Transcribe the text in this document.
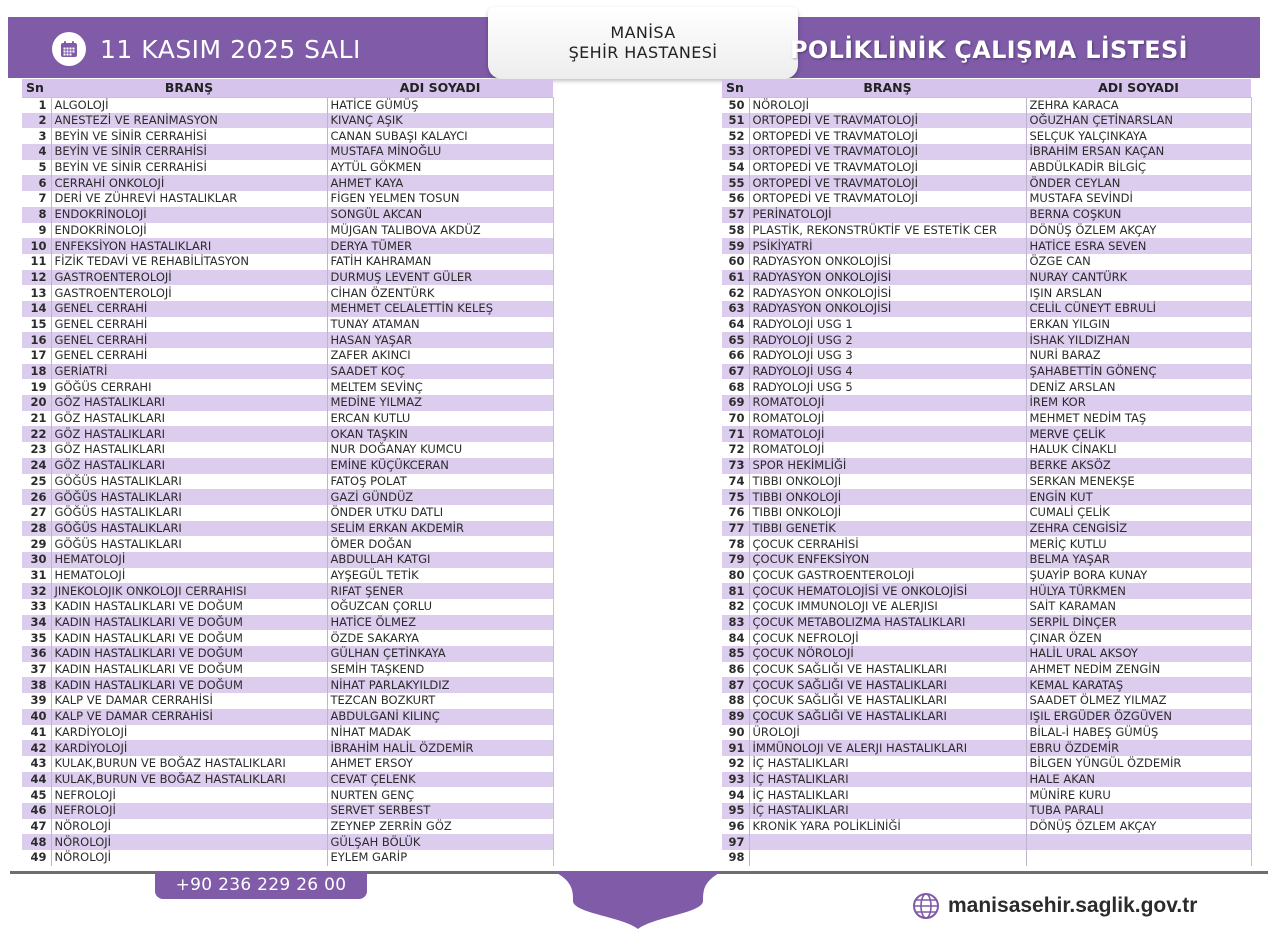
11 KASIM 2025 SALI
MANİSA
ŞEHİR HASTANESİ	POLİKLİNİK ÇALIŞMA LİSTESİ
Sn	BRANŞ	ADI SOYADI
1	ALGOLOJİ	HATİCE GÜMÜŞ
2	ANESTEZİ VE REANİMASYON	KIVANÇ AŞIK
3	BEYİN VE SİNİR CERRAHİSİ	CANAN SUBAŞI KALAYCI
4	BEYİN VE SİNİR CERRAHİSİ	MUSTAFA MİNOĞLU
5	BEYİN VE SİNİR CERRAHİSİ	AYTÜL GÖKMEN
6	CERRAHİ ONKOLOJİ	AHMET KAYA
7	DERİ VE ZÜHREVİ HASTALIKLAR	FİGEN YELMEN TOSUN
8	ENDOKRİNOLOJİ	SONGÜL AKCAN
9	ENDOKRİNOLOJİ	MÜJGAN TALIBOVA AKDÜZ
10	ENFEKSİYON HASTALIKLARI	DERYA TÜMER
11	FİZİK TEDAVİ VE REHABİLİTASYON	FATİH KAHRAMAN
12	GASTROENTEROLOJİ	DURMUŞ LEVENT GÜLER
13	GASTROENTEROLOJİ	CİHAN ÖZENTÜRK
14	GENEL CERRAHİ	MEHMET CELALETTİN KELEŞ
15	GENEL CERRAHİ	TUNAY ATAMAN
16	GENEL CERRAHİ	HASAN YAŞAR
17	GENEL CERRAHİ	ZAFER AKINCI
18	GERİATRİ	SAADET KOÇ
19	GÖĞÜS CERRAHI	MELTEM SEVİNÇ
20	GÖZ HASTALIKLARI	MEDİNE YILMAZ
21	GÖZ HASTALIKLARI	ERCAN KUTLU
22	GÖZ HASTALIKLARI	OKAN TAŞKIN
23	GÖZ HASTALIKLARI	NUR DOĞANAY KUMCU
24	GÖZ HASTALIKLARI	EMİNE KÜÇÜKCERAN
25	GÖĞÜS HASTALIKLARI	FATOŞ POLAT
26	GÖĞÜS HASTALIKLARI	GAZİ GÜNDÜZ
27	GÖĞÜS HASTALIKLARI	ÖNDER UTKU DATLI
28	GÖĞÜS HASTALIKLARI	SELİM ERKAN AKDEMİR
29	GÖĞÜS HASTALIKLARI	ÖMER DOĞAN
30	HEMATOLOJİ	ABDULLAH KATGI
31	HEMATOLOJİ	AYŞEGÜL TETİK
32	JINEKOLOJIK ONKOLOJI CERRAHISI	RIFAT ŞENER
33	KADIN HASTALIKLARI VE DOĞUM	OĞUZCAN ÇORLU
34	KADIN HASTALIKLARI VE DOĞUM	HATİCE ÖLMEZ
35	KADIN HASTALIKLARI VE DOĞUM	ÖZDE SAKARYA
36	KADIN HASTALIKLARI VE DOĞUM	GÜLHAN ÇETİNKAYA
37	KADIN HASTALIKLARI VE DOĞUM	SEMİH TAŞKEND
38	KADIN HASTALIKLARI VE DOĞUM	NİHAT PARLAKYILDIZ
39	KALP VE DAMAR CERRAHİSİ	TEZCAN BOZKURT
40	KALP VE DAMAR CERRAHİSİ	ABDULGANİ KILINÇ
41	KARDİYOLOJİ	NİHAT MADAK
42	KARDİYOLOJİ	İBRAHİM HALİL ÖZDEMİR
43	KULAK,BURUN VE BOĞAZ HASTALIKLARI	AHMET ERSOY
44	KULAK,BURUN VE BOĞAZ HASTALIKLARI	CEVAT ÇELENK
45	NEFROLOJİ	NURTEN GENÇ
46	NEFROLOJİ	SERVET SERBEST
47	NÖROLOJİ	ZEYNEP ZERRİN GÖZ
48	NÖROLOJİ	GÜLŞAH BÖLÜK
49	NÖROLOJİ	EYLEM GARİP
Sn	BRANŞ	ADI SOYADI
50	NÖROLOJİ	ZEHRA KARACA
51	ORTOPEDİ VE TRAVMATOLOJİ	OĞUZHAN ÇETİNARSLAN
52	ORTOPEDİ VE TRAVMATOLOJİ	SELÇUK YALÇINKAYA
53	ORTOPEDİ VE TRAVMATOLOJİ	İBRAHİM ERSAN KAÇAN
54	ORTOPEDİ VE TRAVMATOLOJİ	ABDÜLKADİR BİLGİÇ
55	ORTOPEDİ VE TRAVMATOLOJİ	ÖNDER CEYLAN
56	ORTOPEDİ VE TRAVMATOLOJİ	MUSTAFA SEVİNDİ
57	PERİNATOLOJİ	BERNA COŞKUN
58	PLASTİK, REKONSTRÜKTİF VE ESTETİK CER	DÖNÜŞ ÖZLEM AKÇAY
59	PSİKİYATRİ	HATİCE ESRA SEVEN
60	RADYASYON ONKOLOJİSİ	ÖZGE CAN
61	RADYASYON ONKOLOJİSİ	NURAY CANTÜRK
62	RADYASYON ONKOLOJİSİ	IŞIN ARSLAN
63	RADYASYON ONKOLOJİSİ	CELİL CÜNEYT EBRULİ
64	RADYOLOJİ USG 1	ERKAN YILGIN
65	RADYOLOJİ USG 2	İSHAK YILDIZHAN
66	RADYOLOJİ USG 3	NURİ BARAZ
67	RADYOLOJİ USG 4	ŞAHABETTİN GÖNENÇ
68	RADYOLOJİ USG 5	DENİZ ARSLAN
69	ROMATOLOJİ	İREM KOR
70	ROMATOLOJİ	MEHMET NEDİM TAŞ
71	ROMATOLOJİ	MERVE ÇELİK
72	ROMATOLOJİ	HALUK CİNAKLI
73	SPOR HEKİMLİĞİ	BERKE AKSÖZ
74	TIBBI ONKOLOJİ	SERKAN MENEKŞE
75	TIBBI ONKOLOJİ	ENGİN KUT
76	TIBBI ONKOLOJİ	CUMALİ ÇELİK
77	TIBBI GENETİK	ZEHRA CENGİSİZ
78	ÇOCUK CERRAHİSİ	MERİÇ KUTLU
79	ÇOCUK ENFEKSİYON	BELMA YAŞAR
80	ÇOCUK GASTROENTEROLOJİ	ŞUAYİP BORA KUNAY
81	ÇOCUK HEMATOLOJİSİ VE ONKOLOJİSİ	HÜLYA TÜRKMEN
82	ÇOCUK IMMUNOLOJI VE ALERJISI	SAİT KARAMAN
83	ÇOCUK METABOLIZMA HASTALIKLARI	SERPİL DİNÇER
84	ÇOCUK NEFROLOJİ	ÇINAR ÖZEN
85	ÇOCUK NÖROLOJİ	HALİL URAL AKSOY
86	ÇOCUK SAĞLIĞI VE HASTALIKLARI	AHMET NEDİM ZENGİN
87	ÇOCUK SAĞLIĞI VE HASTALIKLARI	KEMAL KARATAŞ
88	ÇOCUK SAĞLIĞI VE HASTALIKLARI	SAADET ÖLMEZ YILMAZ
89	ÇOCUK SAĞLIĞI VE HASTALIKLARI	IŞIL ERGÜDER ÖZGÜVEN
90	ÜROLOJİ	BİLAL-İ HABEŞ GÜMÜŞ
91	İMMÜNOLOJI VE ALERJI HASTALIKLARI	EBRU ÖZDEMİR
92	İÇ HASTALIKLARI	BİLGEN YÜNGÜL ÖZDEMİR
93	İÇ HASTALIKLARI	HALE AKAN
94	İÇ HASTALIKLARI	MÜNİRE KURU
95	İÇ HASTALIKLARI	TUBA PARALI
96	KRONİK YARA POLİKLİNİĞİ	DÖNÜŞ ÖZLEM AKÇAY
97		
98		
+90 236 229 26 00
manisasehir.saglik.gov.tr
